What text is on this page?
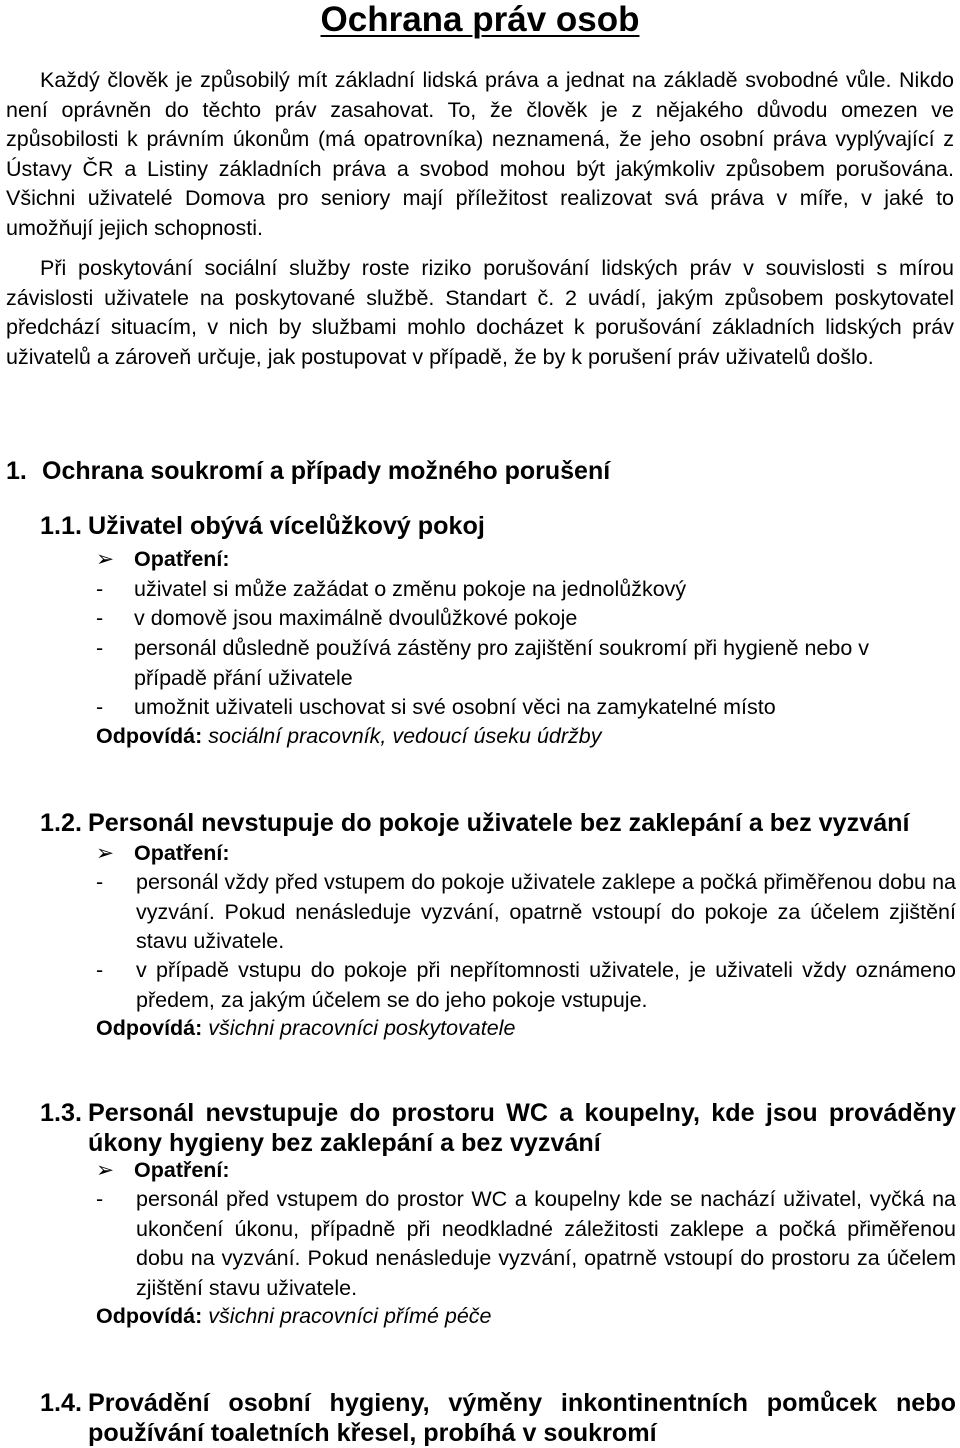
Ochrana práv osob

Každý člověk je způsobilý mít základní lidská práva a jednat na základě svobodné vůle. Nikdo není oprávněn do těchto práv zasahovat. To, že člověk je z nějakého důvodu omezen ve způsobilosti k právním úkonům (má opatrovníka) neznamená, že jeho osobní práva vyplývající z Ústavy ČR a Listiny základních práva a svobod mohou být jakýmkoliv způsobem porušována. Všichni uživatelé Domova pro seniory mají příležitost realizovat svá práva v míře, v jaké to umožňují jejich schopnosti.

Při poskytování sociální služby roste riziko porušování lidských práv v souvislosti s mírou závislosti uživatele na poskytované službě. Standart č. 2 uvádí, jakým způsobem poskytovatel předchází situacím, v nich by službami mohlo docházet k porušování základních lidských práv uživatelů a zároveň určuje, jak postupovat v případě, že by k porušení práv uživatelů došlo.

1. Ochrana soukromí a případy možného porušení
1.1. Uživatel obývá vícelůžkový pokoj

➢ Opatření:

- uživatel si může zažádat o změnu pokoje na jednolůžkový

- v domově jsou maximálně dvoulůžkové pokoje

- personál důsledně používá zástěny pro zajištění soukromí při hygieně nebo v případě přání uživatele

- umožnit uživateli uschovat si své osobní věci na zamykatelné místo

Odpovídá: sociální pracovník, vedoucí úseku údržby

1.2. Personál nevstupuje do pokoje uživatele bez zaklepání a bez vyzvání

➢ Opatření:

- personál vždy před vstupem do pokoje uživatele zaklepe a počká přiměřenou dobu na vyzvání. Pokud nenásleduje vyzvání, opatrně vstoupí do pokoje za účelem zjištění stavu uživatele.

- v případě vstupu do pokoje při nepřítomnosti uživatele, je uživateli vždy oznámeno předem, za jakým účelem se do jeho pokoje vstupuje.

Odpovídá: všichni pracovníci poskytovatele

1.3. Personál nevstupuje do prostoru WC a koupelny, kde jsou prováděny úkony hygieny bez zaklepání a bez vyzvání

➢ Opatření:

- personál před vstupem do prostor WC a koupelny kde se nachází uživatel, vyčká na ukončení úkonu, případně při neodkladné záležitosti zaklepe a počká přiměřenou dobu na vyzvání. Pokud nenásleduje vyzvání, opatrně vstoupí do prostoru za účelem zjištění stavu uživatele.

Odpovídá: všichni pracovníci přímé péče

1.4. Provádění osobní hygieny, výměny inkontinentních pomůcek nebo používání toaletních křesel, probíhá v soukromí
